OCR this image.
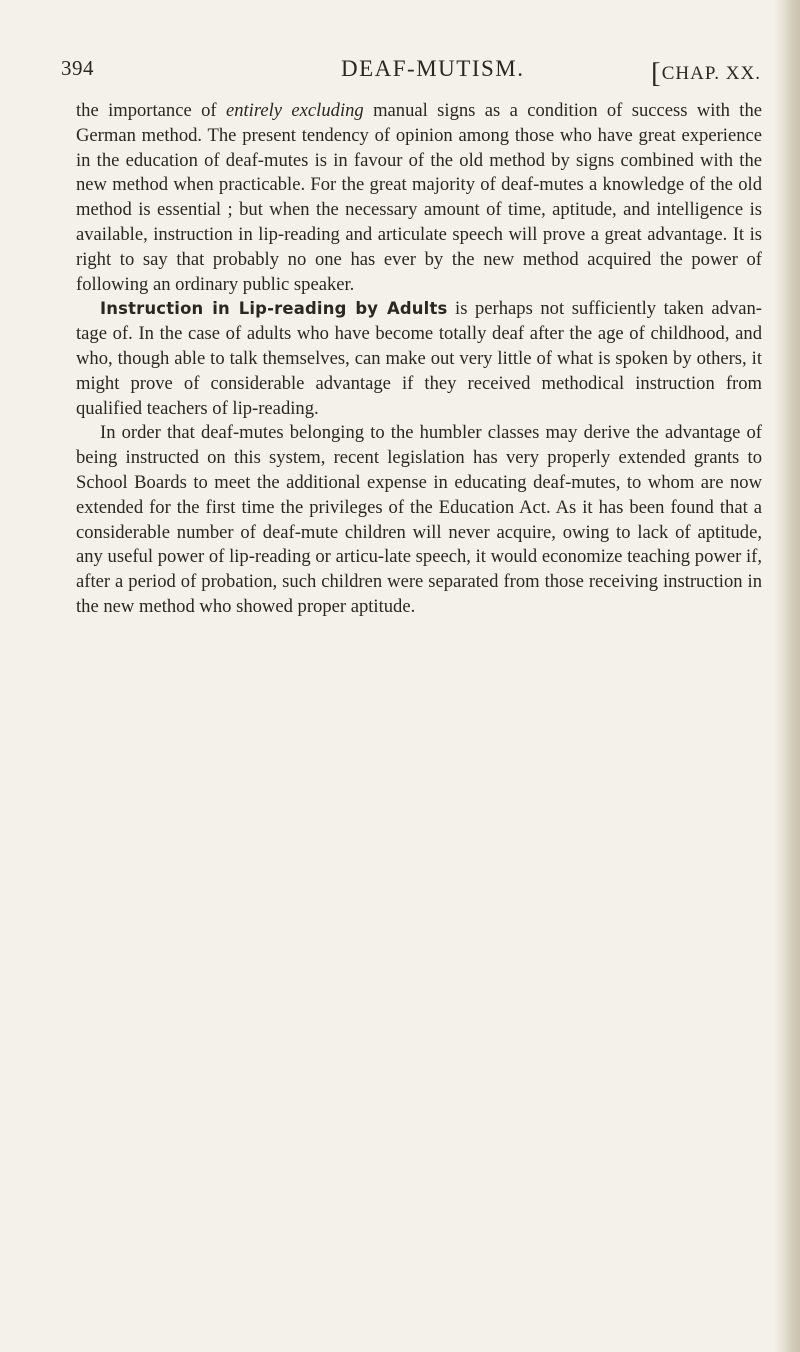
394	DEAF-MUTISM.	[CHAP. XX.

the importance of entirely excluding manual signs as a condition of success with the German method. The present tendency of opinion among those who have great experience in the education of deaf-mutes is in favour of the old method by signs combined with the new method when practicable. For the great majority of deaf-mutes a knowledge of the old method is essential ; but when the necessary amount of time, aptitude, and intelligence is available, instruction in lip-reading and articulate speech will prove a great advantage. It is right to say that probably no one has ever by the new method acquired the power of following an ordinary public speaker.

Instruction in Lip-reading by Adults is perhaps not sufficiently taken advan-tage of. In the case of adults who have become totally deaf after the age of childhood, and who, though able to talk themselves, can make out very little of what is spoken by others, it might prove of considerable advantage if they received methodical instruction from qualified teachers of lip-reading.

In order that deaf-mutes belonging to the humbler classes may derive the advantage of being instructed on this system, recent legislation has very properly extended grants to School Boards to meet the additional expense in educating deaf-mutes, to whom are now extended for the first time the privileges of the Education Act. As it has been found that a considerable number of deaf-mute children will never acquire, owing to lack of aptitude, any useful power of lip-reading or articu-late speech, it would economize teaching power if, after a period of probation, such children were separated from those receiving instruction in the new method who showed proper aptitude.
